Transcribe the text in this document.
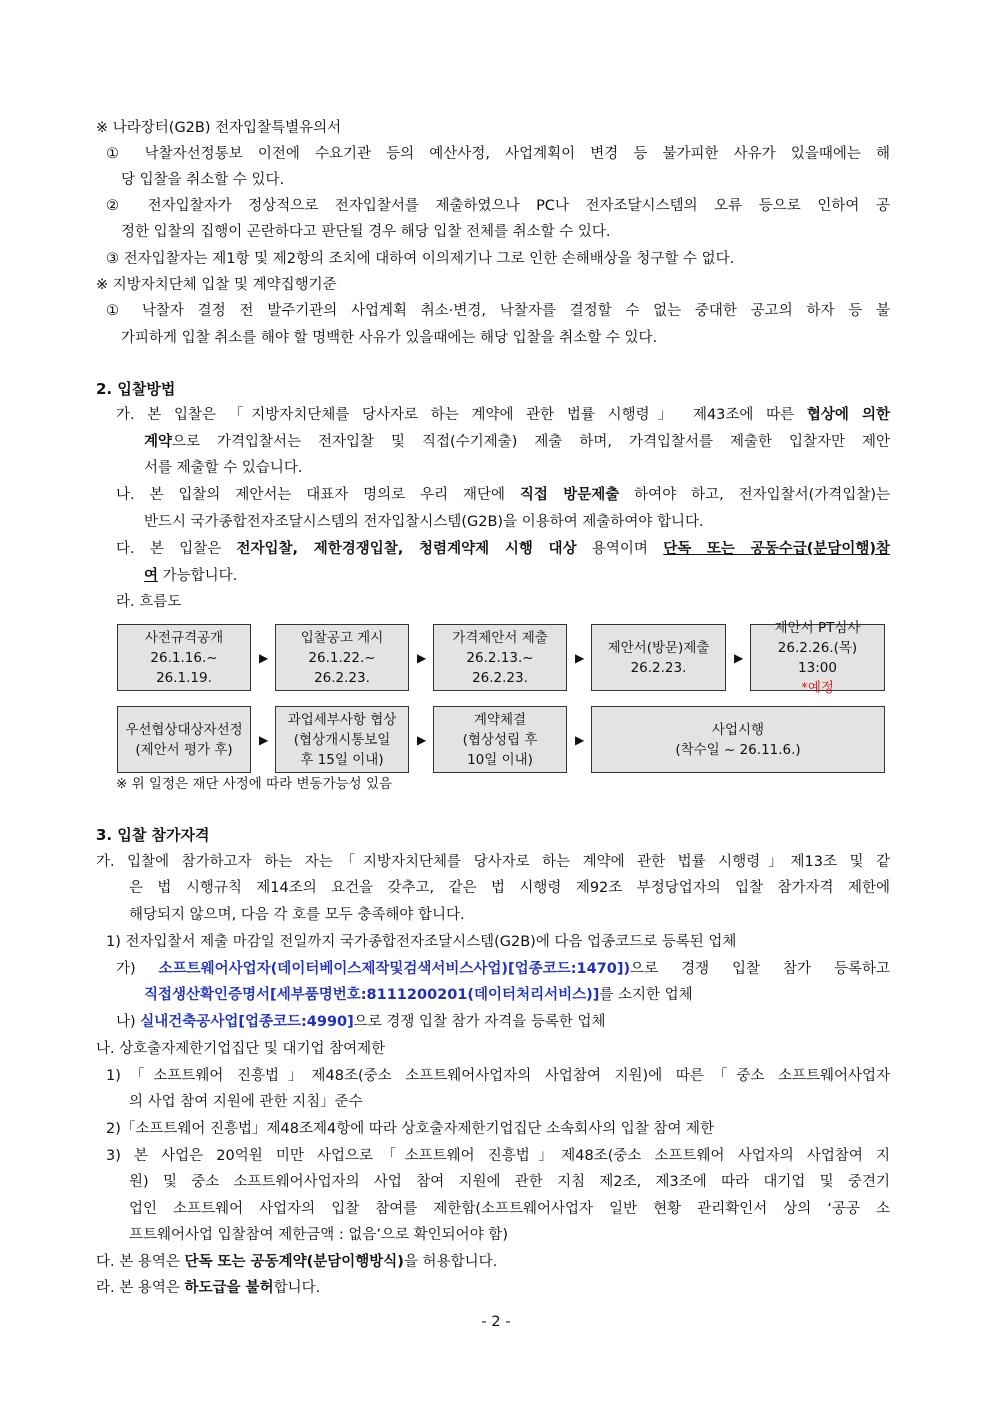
※ 나라장터(G2B) 전자입찰특별유의서
① 낙찰자선정통보 이전에 수요기관 등의 예산사정, 사업계획이 변경 등 불가피한 사유가 있을때에는 해
당 입찰을 취소할 수 있다.
② 전자입찰자가 정상적으로 전자입찰서를 제출하였으나 PC나 전자조달시스템의 오류 등으로 인하여 공
정한 입찰의 집행이 곤란하다고 판단될 경우 해당 입찰 전체를 취소할 수 있다.
③ 전자입찰자는 제1항 및 제2항의 조치에 대하여 이의제기나 그로 인한 손해배상을 청구할 수 없다.
※ 지방자치단체 입찰 및 계약집행기준
① 낙찰자 결정 전 발주기관의 사업계획 취소·변경, 낙찰자를 결정할 수 없는 중대한 공고의 하자 등 불
가피하게 입찰 취소를 해야 할 명백한 사유가 있을때에는 해당 입찰을 취소할 수 있다.
2. 입찰방법
가. 본 입찰은 「지방자치단체를 당사자로 하는 계약에 관한 법률 시행령」 제43조에 따른 협상에 의한
계약으로 가격입찰서는 전자입찰 및 직접(수기제출) 제출 하며, 가격입찰서를 제출한 입찰자만 제안
서를 제출할 수 있습니다.
나. 본 입찰의 제안서는 대표자 명의로 우리 재단에 직접 방문제출 하여야 하고, 전자입찰서(가격입찰)는
반드시 국가종합전자조달시스템의 전자입찰시스템(G2B)을 이용하여 제출하여야 합니다.
다. 본 입찰은 전자입찰, 제한경쟁입찰, 청렴계약제 시행 대상 용역이며 단독 또는 공동수급(분담이행)참
여 가능합니다.
라. 흐름도
사전규격공개
26.1.16.~
26.1.19.
▶
입찰공고 게시
26.1.22.~
26.2.23.
▶
가격제안서 제출
26.2.13.~
26.2.23.
▶
제안서(방문)제출
26.2.23.
▶
제안서 PT심사
26.2.26.(목)
13:00
*예정
우선협상대상자선정
(제안서 평가 후)
▶
과업세부사항 협상
(협상개시통보일
후 15일 이내)
▶
계약체결
(협상성립 후
10일 이내)
▶
사업시행
(착수일 ~ 26.11.6.)
※ 위 일정은 재단 사정에 따라 변동가능성 있음
3. 입찰 참가자격
가. 입찰에 참가하고자 하는 자는「지방자치단체를 당사자로 하는 계약에 관한 법률 시행령」제13조 및 같
은 법 시행규칙 제14조의 요건을 갖추고, 같은 법 시행령 제92조 부정당업자의 입찰 참가자격 제한에
해당되지 않으며, 다음 각 호를 모두 충족해야 합니다.
1) 전자입찰서 제출 마감일 전일까지 국가종합전자조달시스템(G2B)에 다음 업종코드로 등록된 업체
가) 소프트웨어사업자(데이터베이스제작및검색서비스사업)[업종코드:1470])으로 경쟁 입찰 참가 등록하고
직접생산확인증명서[세부품명번호:8111200201(데이터처리서비스)]를 소지한 업체
나) 실내건축공사업[업종코드:4990]으로 경쟁 입찰 참가 자격을 등록한 업체
나. 상호출자제한기업집단 및 대기업 참여제한
1)「소프트웨어 진흥법」제48조(중소 소프트웨어사업자의 사업참여 지원)에 따른「중소 소프트웨어사업자
의 사업 참여 지원에 관한 지침」준수
2)「소프트웨어 진흥법」제48조제4항에 따라 상호출자제한기업집단 소속회사의 입찰 참여 제한
3) 본 사업은 20억원 미만 사업으로「소프트웨어 진흥법」제48조(중소 소프트웨어 사업자의 사업참여 지
원) 및 중소 소프트웨어사업자의 사업 참여 지원에 관한 지침 제2조, 제3조에 따라 대기업 및 중견기
업인 소프트웨어 사업자의 입찰 참여를 제한함(소프트웨어사업자 일반 현황 관리확인서 상의 ‘공공 소
프트웨어사업 입찰참여 제한금액 : 없음’으로 확인되어야 함)
다. 본 용역은 단독 또는 공동계약(분담이행방식)을 허용합니다.
라. 본 용역은 하도급을 불허합니다.
- 2 -
